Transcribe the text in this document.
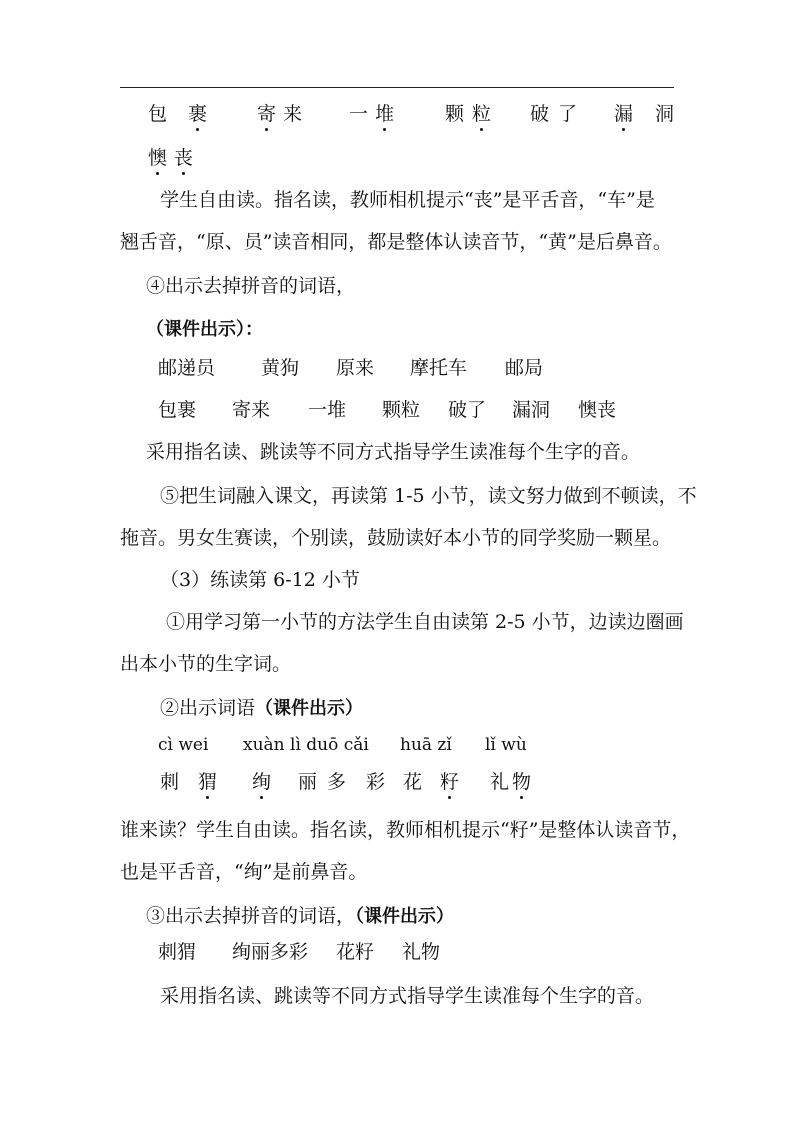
包 裹	寄 来 一 堆	颗 粒 破 了 漏 洞
懊 丧
学生自由读。指名读，教师相机提示“丧”是平舌音，“车”是
翘舌音，“原、员”读音相同，都是整体认读音节，“黄”是后鼻音。
④出示去掉拼音的词语，
（课件出示）：
邮递员 黄狗 原来 摩托车 邮局
包裹 寄来 一堆 颗粒 破了 漏洞 懊丧
采用指名读、跳读等不同方式指导学生读准每个生字的音。
⑤把生词融入课文，再读第 1-5 小节，读文努力做到不顿读，不
拖音。男女生赛读，个别读，鼓励读好本小节的同学奖励一颗星。
（3）练读第 6-12 小节
①用学习第一小节的方法学生自由读第 2-5 小节，边读边圈画
出本小节的生字词。
②出示词语（课件出示）
cì wei xuàn lì duō cǎi huā zǐ lǐ wù
刺 猬 绚 丽 多 彩 花 籽 礼 物
谁来读？学生自由读。指名读，教师相机提示“籽”是整体认读音节，
也是平舌音，“绚”是前鼻音。
③出示去掉拼音的词语，（课件出示）
刺猬 绚丽多彩 花籽 礼物
采用指名读、跳读等不同方式指导学生读准每个生字的音。
